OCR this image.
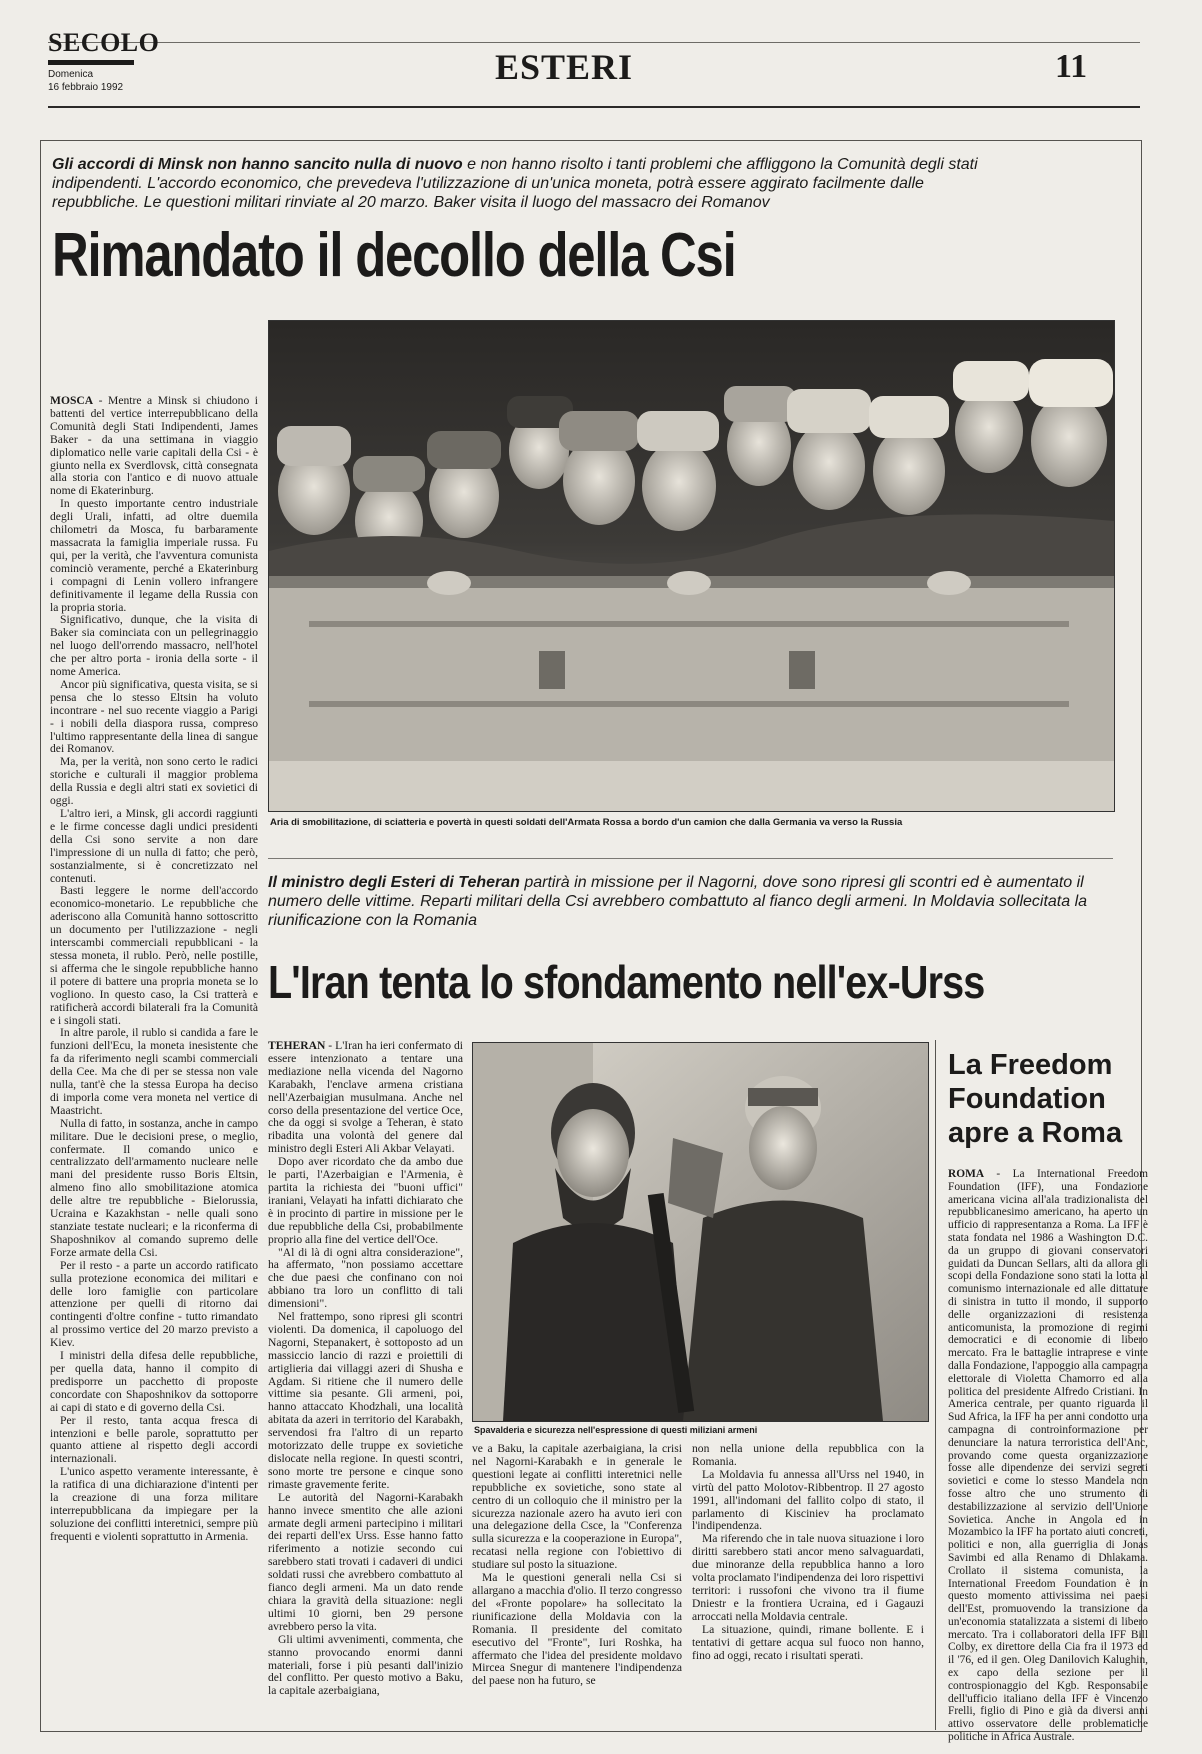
SECOLO
Domenica
16 febbraio 1992
ESTERI	11
Gli accordi di Minsk non hanno sancito nulla di nuovo e non hanno risolto i tanti problemi che affliggono la Comunità degli stati indipendenti. L'accordo economico, che prevedeva l'utilizzazione di un'unica moneta, potrà essere aggirato facilmente dalle repubbliche. Le questioni militari rinviate al 20 marzo. Baker visita il luogo del massacro dei Romanov
Rimandato il decollo della Csi

MOSCA - Mentre a Minsk si chiudono i battenti del vertice interrepubblicano della Comunità degli Stati Indipendenti, James Baker - da una settimana in viaggio diplomatico nelle varie capitali della Csi - è giunto nella ex Sverdlovsk, città consegnata alla storia con l'antico e di nuovo attuale nome di Ekaterinburg.

In questo importante centro industriale degli Urali, infatti, ad oltre duemila chilometri da Mosca, fu barbaramente massacrata la famiglia imperiale russa. Fu qui, per la verità, che l'avventura comunista cominciò veramente, perché a Ekaterinburg i compagni di Lenin vollero infrangere definitivamente il legame della Russia con la propria storia.

Significativo, dunque, che la visita di Baker sia cominciata con un pellegrinaggio nel luogo dell'orrendo massacro, nell'hotel che per altro porta - ironia della sorte - il nome America.

Ancor più significativa, questa visita, se si pensa che lo stesso Eltsin ha voluto incontrare - nel suo recente viaggio a Parigi - i nobili della diaspora russa, compreso l'ultimo rappresentante della linea di sangue dei Romanov.

Ma, per la verità, non sono certo le radici storiche e culturali il maggior problema della Russia e degli altri stati ex sovietici di oggi.

L'altro ieri, a Minsk, gli accordi raggiunti e le firme concesse dagli undici presidenti della Csi sono servite a non dare l'impressione di un nulla di fatto; che però, sostanzialmente, si è concretizzato nel contenuti.

Basti leggere le norme dell'accordo economico-monetario. Le repubbliche che aderiscono alla Comunità hanno sottoscritto un documento per l'utilizzazione - negli interscambi commerciali repubblicani - la stessa moneta, il rublo. Però, nelle postille, si afferma che le singole repubbliche hanno il potere di battere una propria moneta se lo vogliono. In questo caso, la Csi tratterà e ratificherà accordi bilaterali fra la Comunità e i singoli stati.

In altre parole, il rublo si candida a fare le funzioni dell'Ecu, la moneta inesistente che fa da riferimento negli scambi commerciali della Cee. Ma che di per se stessa non vale nulla, tant'è che la stessa Europa ha deciso di imporla come vera moneta nel vertice di Maastricht.

Nulla di fatto, in sostanza, anche in campo militare. Due le decisioni prese, o meglio, confermate. Il comando unico e centralizzato dell'armamento nucleare nelle mani del presidente russo Boris Eltsin, almeno fino allo smobilitazione atomica delle altre tre repubbliche - Bielorussia, Ucraina e Kazakhstan - nelle quali sono stanziate testate nucleari; e la riconferma di Shaposhnikov al comando supremo delle Forze armate della Csi.

Per il resto - a parte un accordo ratificato sulla protezione economica dei militari e delle loro famiglie con particolare attenzione per quelli di ritorno dai contingenti d'oltre confine - tutto rimandato al prossimo vertice del 20 marzo previsto a Kiev.

I ministri della difesa delle repubbliche, per quella data, hanno il compito di predisporre un pacchetto di proposte concordate con Shaposhnikov da sottoporre ai capi di stato e di governo della Csi.

Per il resto, tanta acqua fresca di intenzioni e belle parole, soprattutto per quanto attiene al rispetto degli accordi internazionali.

L'unico aspetto veramente interessante, è la ratifica di una dichiarazione d'intenti per la creazione di una forza militare interrepubblicana da impiegare per la soluzione dei conflitti interetnici, sempre più frequenti e violenti soprattutto in Armenia.

Aria di smobilitazione, di sciatteria e povertà in questi soldati dell'Armata Rossa a bordo d'un camion che dalla Germania va verso la Russia
Il ministro degli Esteri di Teheran partirà in missione per il Nagorni, dove sono ripresi gli scontri ed è aumentato il numero delle vittime. Reparti militari della Csi avrebbero combattuto al fianco degli armeni. In Moldavia sollecitata la riunificazione con la Romania
L'Iran tenta lo sfondamento nell'ex-Urss

TEHERAN - L'Iran ha ieri confermato di essere intenzionato a tentare una mediazione nella vicenda del Nagorno Karabakh, l'enclave armena cristiana nell'Azerbaigian musulmana. Anche nel corso della presentazione del vertice Oce, che da oggi si svolge a Teheran, è stato ribadita una volontà del genere dal ministro degli Esteri Ali Akbar Velayati.

Dopo aver ricordato che da ambo due le parti, l'Azerbaigian e l'Armenia, è partita la richiesta dei "buoni uffici" iraniani, Velayati ha infatti dichiarato che è in procinto di partire in missione per le due repubbliche della Csi, probabilmente proprio alla fine del vertice dell'Oce.

"Al di là di ogni altra considerazione", ha affermato, "non possiamo accettare che due paesi che confinano con noi abbiano tra loro un conflitto di tali dimensioni".

Nel frattempo, sono ripresi gli scontri violenti. Da domenica, il capoluogo del Nagorni, Stepanakert, è sottoposto ad un massiccio lancio di razzi e proiettili di artiglieria dai villaggi azeri di Shusha e Agdam. Si ritiene che il numero delle vittime sia pesante. Gli armeni, poi, hanno attaccato Khodzhali, una località abitata da azeri in territorio del Karabakh, servendosi fra l'altro di un reparto motorizzato delle truppe ex sovietiche dislocate nella regione. In questi scontri, sono morte tre persone e cinque sono rimaste gravemente ferite.

Le autorità del Nagorni-Karabakh hanno invece smentito che alle azioni armate degli armeni partecipino i militari dei reparti dell'ex Urss. Esse hanno fatto riferimento a notizie secondo cui sarebbero stati trovati i cadaveri di undici soldati russi che avrebbero combattuto al fianco degli armeni. Ma un dato rende chiara la gravità della situazione: negli ultimi 10 giorni, ben 29 persone avrebbero perso la vita.

Gli ultimi avvenimenti, commenta, che stanno provocando enormi danni materiali, forse i più pesanti dall'inizio del conflitto. Per questo motivo a Baku, la capitale azerbaigiana,

Spavalderia e sicurezza nell'espressione di questi miliziani armeni

ve a Baku, la capitale azerbaigiana, la crisi nel Nagorni-Karabakh e in generale le questioni legate ai conflitti interetnici nelle repubbliche ex sovietiche, sono state al centro di un colloquio che il ministro per la sicurezza nazionale azero ha avuto ieri con una delegazione della Csce, la "Conferenza sulla sicurezza e la cooperazione in Europa", recatasi nella regione con l'obiettivo di studiare sul posto la situazione.

Ma le questioni generali nella Csi si allargano a macchia d'olio. Il terzo congresso del «Fronte popolare» ha sollecitato la riunificazione della Moldavia con la Romania. Il presidente del comitato esecutivo del "Fronte", Iuri Roshka, ha affermato che l'idea del presidente moldavo Mircea Snegur di mantenere l'indipendenza del paese non ha futuro, se

non nella unione della repubblica con la Romania.

La Moldavia fu annessa all'Urss nel 1940, in virtù del patto Molotov-Ribbentrop. Il 27 agosto 1991, all'indomani del fallito colpo di stato, il parlamento di Kisciniev ha proclamato l'indipendenza.

Ma riferendo che in tale nuova situazione i loro diritti sarebbero stati ancor meno salvaguardati, due minoranze della repubblica hanno a loro volta proclamato l'indipendenza dei loro rispettivi territori: i russofoni che vivono tra il fiume Dniestr e la frontiera Ucraina, ed i Gagauzi arroccati nella Moldavia centrale.

La situazione, quindi, rimane bollente. E i tentativi di gettare acqua sul fuoco non hanno, fino ad oggi, recato i risultati sperati.

La Freedom Foundation apre a Roma

ROMA - La International Freedom Foundation (IFF), una Fondazione americana vicina all'ala tradizionalista del repubblicanesimo americano, ha aperto un ufficio di rappresentanza a Roma. La IFF è stata fondata nel 1986 a Washington D.C. da un gruppo di giovani conservatori guidati da Duncan Sellars, alti da allora gli scopi della Fondazione sono stati la lotta al comunismo internazionale ed alle dittature di sinistra in tutto il mondo, il supporto delle organizzazioni di resistenza anticomunista, la promozione di regimi democratici e di economie di libero mercato. Fra le battaglie intraprese e vinte dalla Fondazione, l'appoggio alla campagna elettorale di Violetta Chamorro ed alla politica del presidente Alfredo Cristiani. In America centrale, per quanto riguarda il Sud Africa, la IFF ha per anni condotto una campagna di controinformazione per denunciare la natura terroristica dell'Anc, provando come questa organizzazione fosse alle dipendenze dei servizi segreti sovietici e come lo stesso Mandela non fosse altro che uno strumento di destabilizzazione al servizio dell'Unione Sovietica. Anche in Angola ed in Mozambico la IFF ha portato aiuti concreti, politici e non, alla guerriglia di Jonas Savimbi ed alla Renamo di Dhlakama. Crollato il sistema comunista, la International Freedom Foundation è in questo momento attivissima nei paesi dell'Est, promuovendo la transizione da un'economia statalizzata a sistemi di libero mercato. Tra i collaboratori della IFF Bill Colby, ex direttore della Cia fra il 1973 ed il '76, ed il gen. Oleg Danilovich Kalughin, ex capo della sezione per il controspionaggio del Kgb. Responsabile dell'ufficio italiano della IFF è Vincenzo Frelli, figlio di Pino e già da diversi anni attivo osservatore delle problematiche politiche in Africa Australe.
